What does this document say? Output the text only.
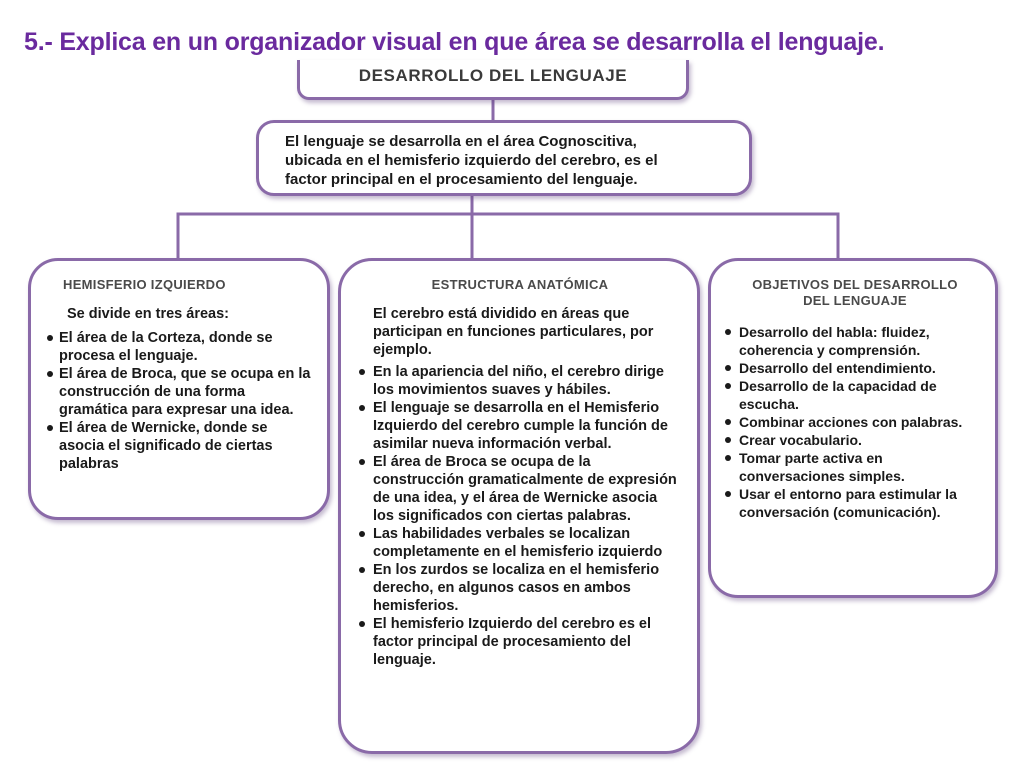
5.- Explica en un organizador visual en que área se desarrolla el lenguaje.
DESARROLLO DEL LENGUAJE

El lenguaje se desarrolla en el área Cognoscitiva,

ubicada en el hemisferio izquierdo del cerebro, es el

factor principal en el procesamiento del lenguaje.

HEMISFERIO IZQUIERDO

Se divide en tres áreas:

El área de la Corteza, donde se procesa el lenguaje.
El área de Broca, que se ocupa en la construcción de una forma gramática para expresar una idea.
El área de Wernicke, donde se asocia el significado de ciertas palabras

ESTRUCTURA ANATÓMICA

El cerebro está dividido en áreas que participan en funciones particulares, por ejemplo.

En la apariencia del niño, el cerebro dirige los movimientos suaves y hábiles.
El lenguaje se desarrolla en el Hemisferio Izquierdo del cerebro cumple la función de asimilar nueva información verbal.
El área de Broca se ocupa de la construcción gramaticalmente de expresión de una idea, y el área de Wernicke asocia los significados con ciertas palabras.
Las habilidades verbales se localizan completamente en el hemisferio izquierdo
En los zurdos se localiza en el hemisferio derecho, en algunos casos en ambos hemisferios.
El hemisferio Izquierdo del cerebro es el factor principal de procesamiento del lenguaje.

OBJETIVOS DEL DESARROLLO
DEL LENGUAJE

Desarrollo del habla: fluidez, coherencia y comprensión.
Desarrollo del entendimiento.
Desarrollo de la capacidad de escucha.
Combinar acciones con palabras.
Crear vocabulario.
Tomar parte activa en conversaciones simples.
Usar el entorno para estimular la conversación (comunicación).
